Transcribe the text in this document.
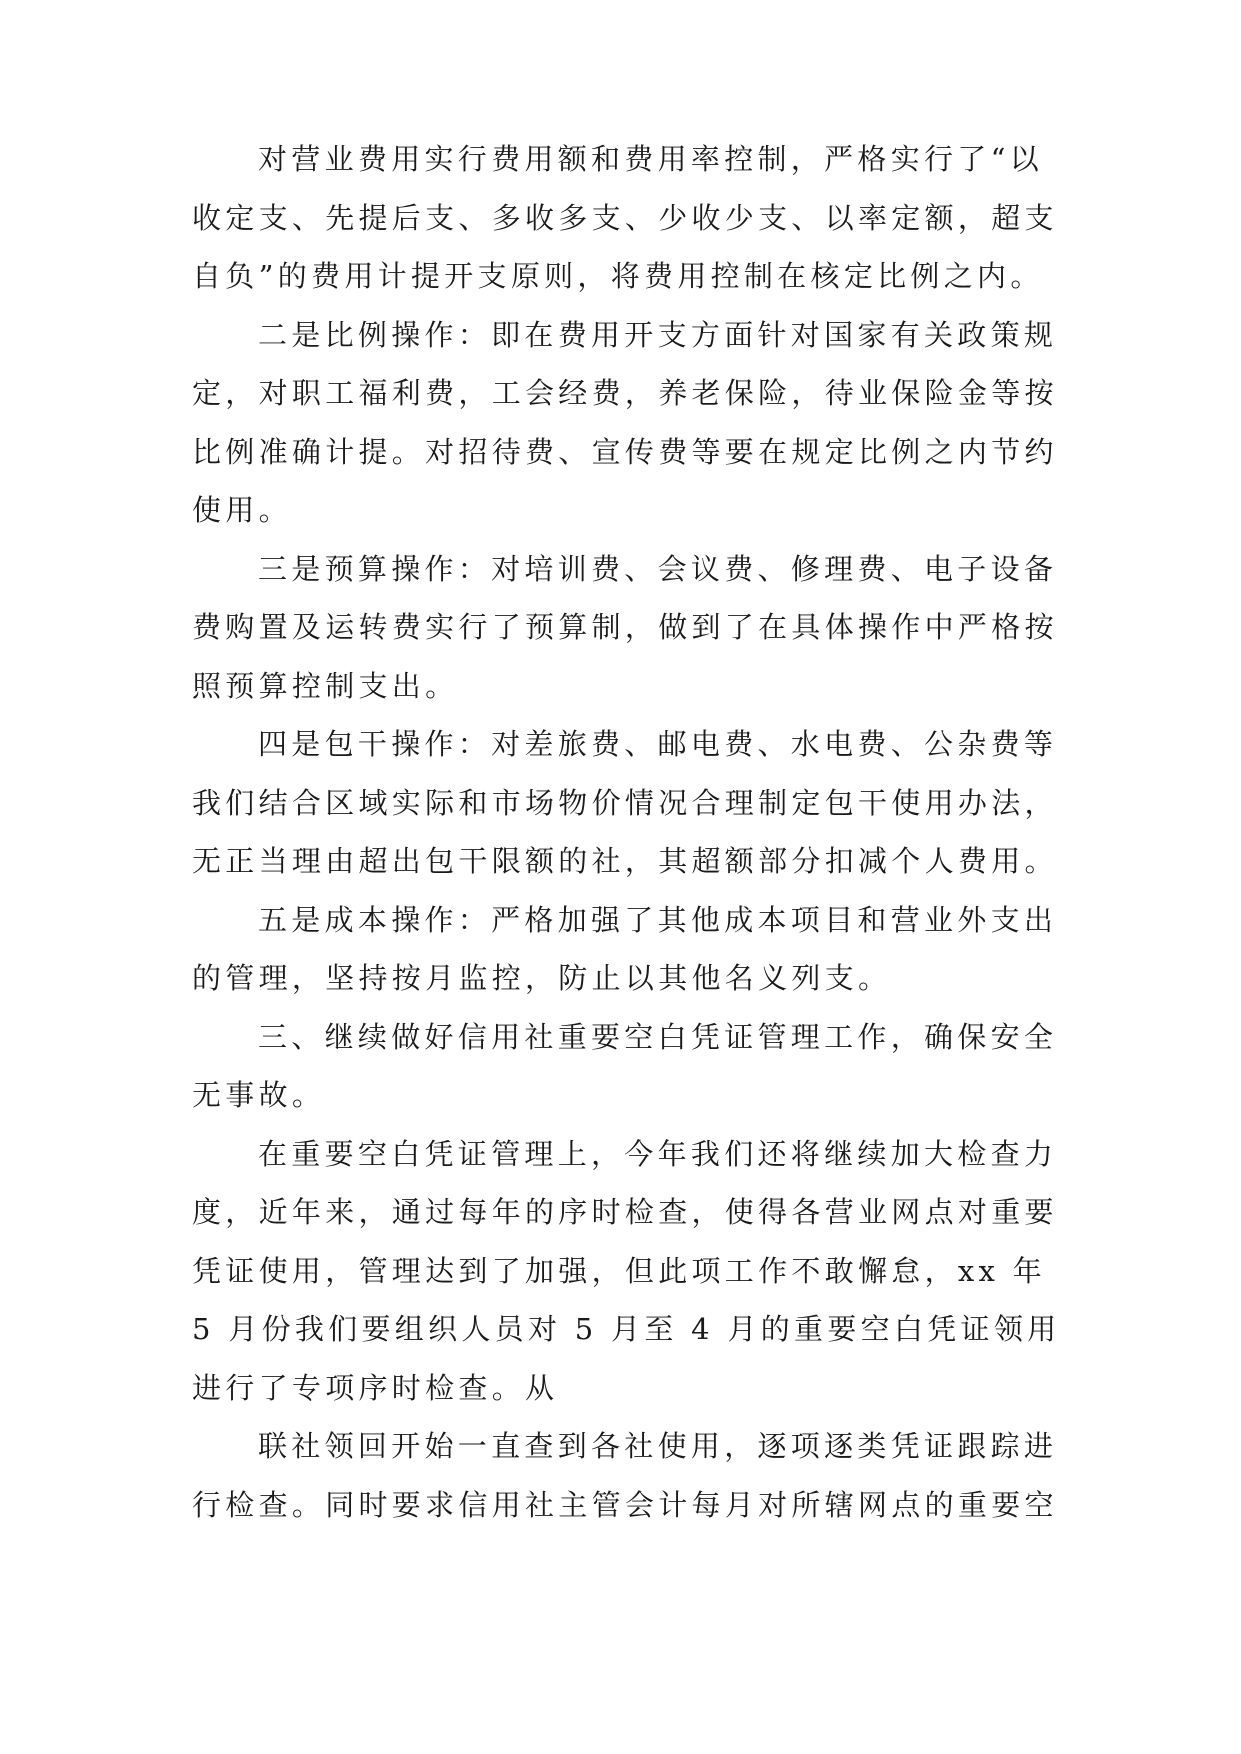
对营业费用实行费用额和费用率控制，严格实行了“以收定支、先提后支、多收多支、少收少支、以率定额，超支自负”的费用计提开支原则，将费用控制在核定比例之内。

二是比例操作：即在费用开支方面针对国家有关政策规定，对职工福利费，工会经费，养老保险，待业保险金等按比例准确计提。对招待费、宣传费等要在规定比例之内节约使用。

三是预算操作：对培训费、会议费、修理费、电子设备费购置及运转费实行了预算制，做到了在具体操作中严格按照预算控制支出。

四是包干操作：对差旅费、邮电费、水电费、公杂费等我们结合区域实际和市场物价情况合理制定包干使用办法，无正当理由超出包干限额的社，其超额部分扣减个人费用。

五是成本操作：严格加强了其他成本项目和营业外支出的管理，坚持按月监控，防止以其他名义列支。

三、继续做好信用社重要空白凭证管理工作，确保安全无事故。

在重要空白凭证管理上，今年我们还将继续加大检查力度，近年来，通过每年的序时检查，使得各营业网点对重要凭证使用，管理达到了加强，但此项工作不敢懈怠，xx 年 5 月份我们要组织人员对 5 月至 4 月的重要空白凭证领用进行了专项序时检查。从

联社领回开始一直查到各社使用，逐项逐类凭证跟踪进行检查。同时要求信用社主管会计每月对所辖网点的重要空
